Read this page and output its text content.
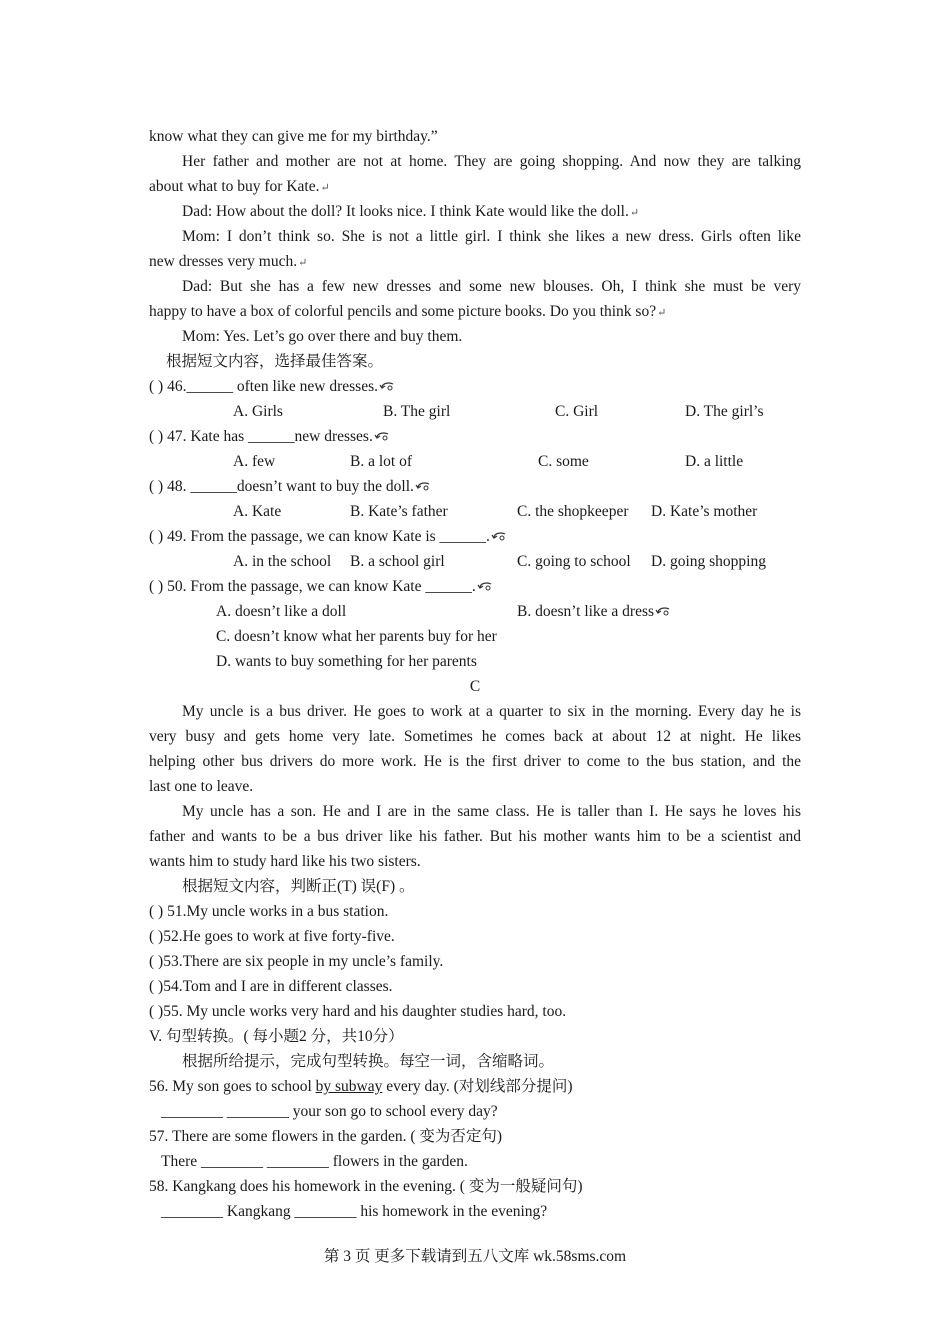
know what they can give me for my birthday.”
Her father and mother are not at home. They are going shopping. And now they are talking
about what to buy for Kate.↵
Dad: How about the doll? It looks nice. I think Kate would like the doll.↵
Mom: I don’t think so. She is not a little girl. I think she likes a new dress. Girls often like
new dresses very much.↵
Dad: But she has a few new dresses and some new blouses. Oh, I think she must be very
happy to have a box of colorful pencils and some picture books. Do you think so?↵
Mom: Yes. Let’s go over there and buy them.
根据短文内容，选择最佳答案。
( ) 46.______ often like new dresses.
A. Girls	B. The girl	C. Girl	D. The girl’s
( ) 47. Kate has ______new dresses.
A. few	B. a lot of	C. some	D. a little
( ) 48. ______doesn’t want to buy the doll.
A. Kate	B. Kate’s father	C. the shopkeeper D. Kate’s mother
( ) 49. From the passage, we can know Kate is ______.
A. in the school B. a school girl	C. going to school D. going shopping
( ) 50. From the passage, we can know Kate ______.
A. doesn’t like a doll	B. doesn’t like a dress
C. doesn’t know what her parents buy for her
D. wants to buy something for her parents
C
My uncle is a bus driver. He goes to work at a quarter to six in the morning. Every day he is
very busy and gets home very late. Sometimes he comes back at about 12 at night. He likes
helping other bus drivers do more work. He is the first driver to come to the bus station, and the
last one to leave.
My uncle has a son. He and I are in the same class. He is taller than I. He says he loves his
father and wants to be a bus driver like his father. But his mother wants him to be a scientist and
wants him to study hard like his two sisters.
根据短文内容，判断正(T) 误(F) 。
( ) 51.My uncle works in a bus station.
( )52.He goes to work at five forty-five.
( )53.There are six people in my uncle’s family.
( )54.Tom and I are in different classes.
( )55. My uncle works very hard and his daughter studies hard, too.
V. 句型转换。( 每小题2 分，共10分）
根据所给提示，完成句型转换。每空一词，含缩略词。
56. My son goes to school by subway every day. (对划线部分提问)
________ ________ your son go to school every day?
57. There are some flowers in the garden. ( 变为否定句)
There ________ ________ flowers in the garden.
58. Kangkang does his homework in the evening. ( 变为一般疑问句)
________ Kangkang ________ his homework in the evening?
第 3 页 更多下载请到五八文库 wk.58sms.com
